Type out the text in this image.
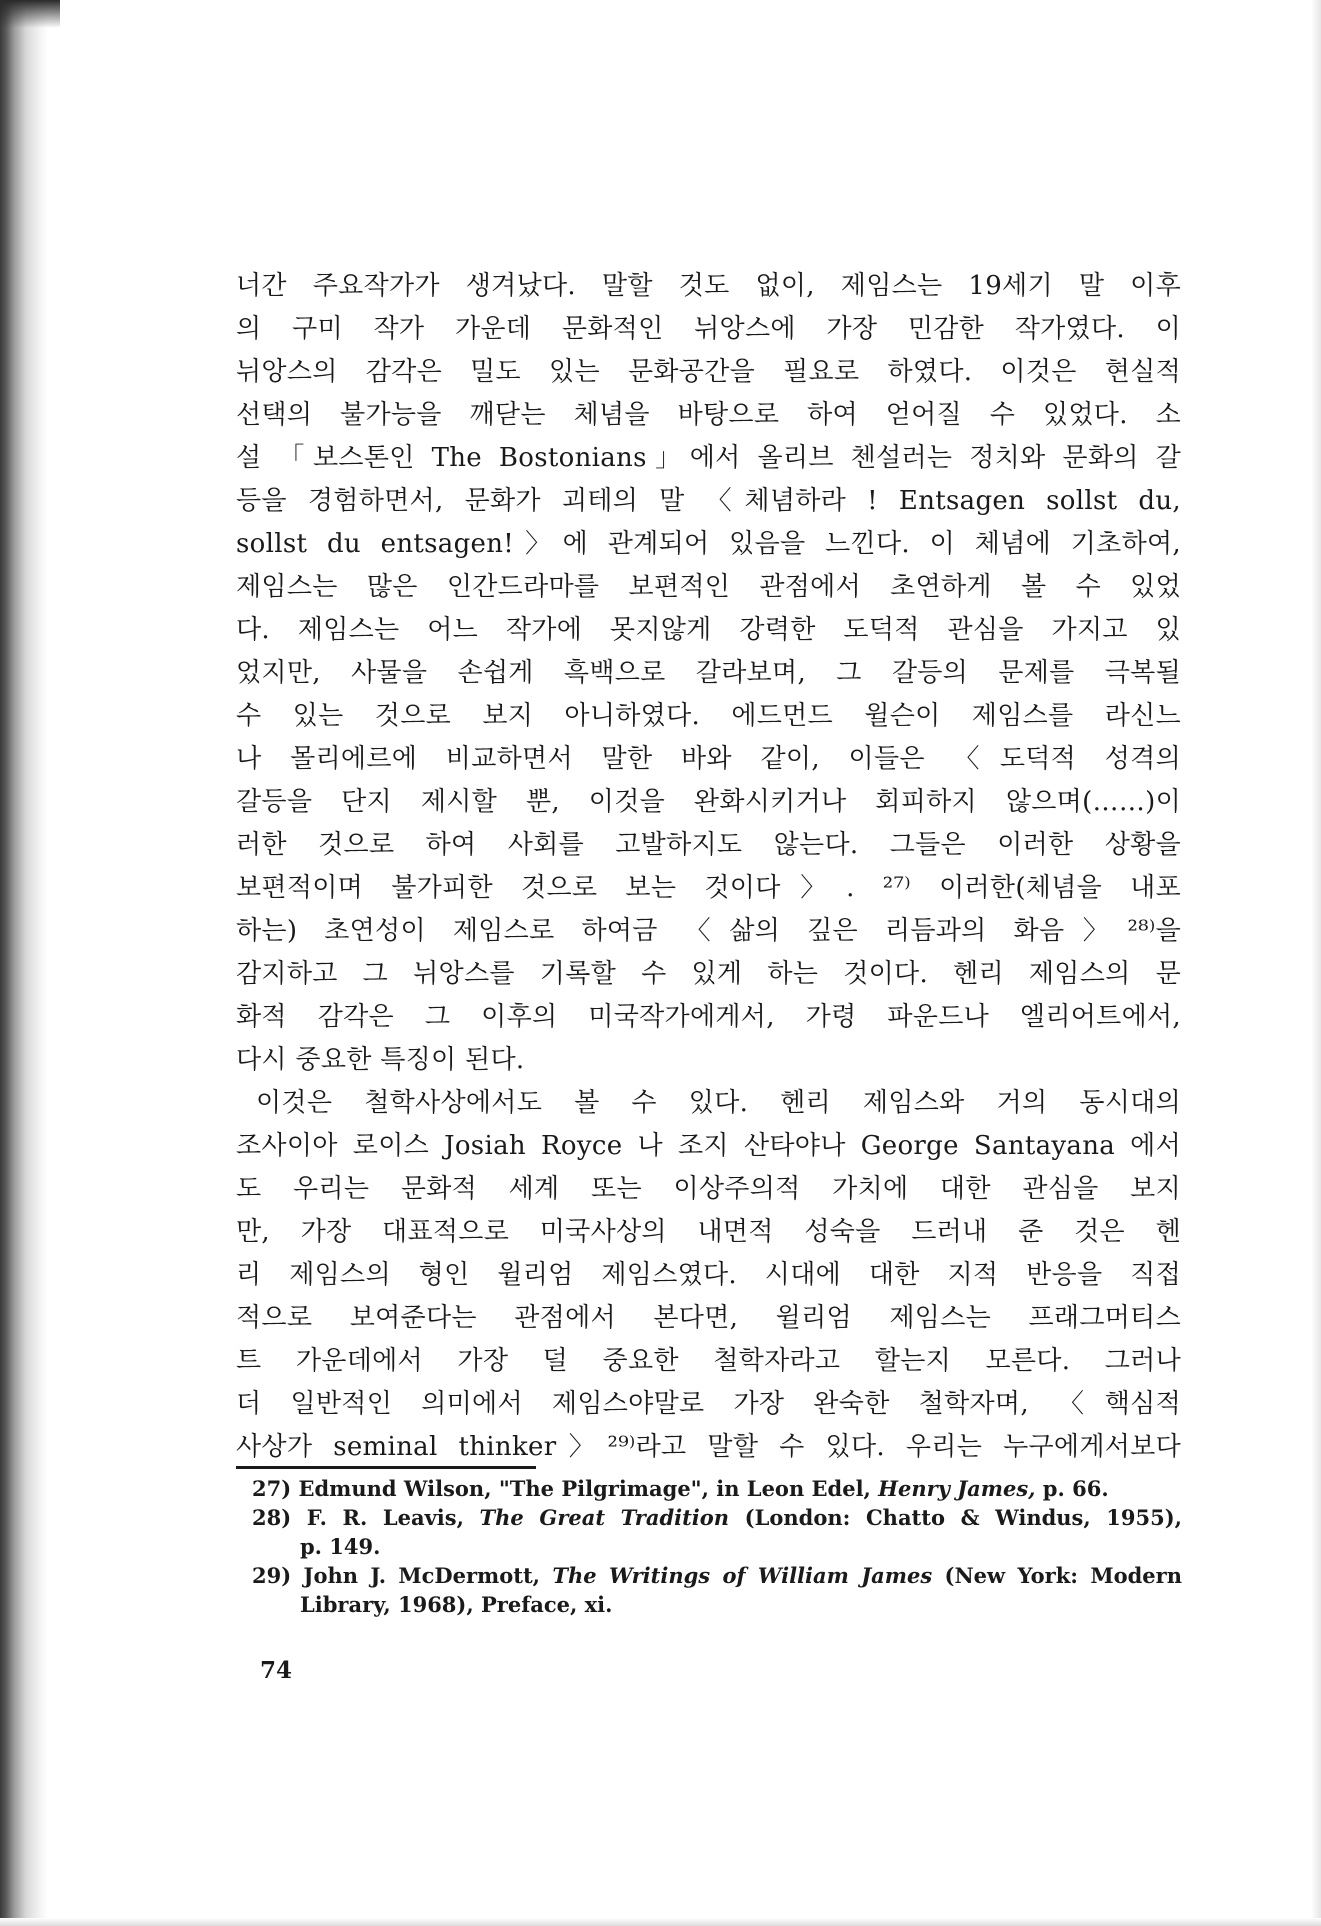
너간 주요작가가 생겨났다. 말할 것도 없이, 제임스는 19세기 말 이후
의 구미 작가 가운데 문화적인 뉘앙스에 가장 민감한 작가였다. 이
뉘앙스의 감각은 밀도 있는 문화공간을 필요로 하였다. 이것은 현실적
선택의 불가능을 깨닫는 체념을 바탕으로 하여 얻어질 수 있었다. 소
설 「보스톤인 The Bostonians」에서 올리브 첸설러는 정치와 문화의 갈
등을 경험하면서, 문화가 괴테의 말 〈체념하라 ! Entsagen sollst du,
sollst du entsagen!〉에 관계되어 있음을 느낀다. 이 체념에 기초하여,
제임스는 많은 인간드라마를 보편적인 관점에서 초연하게 볼 수 있었
다. 제임스는 어느 작가에 못지않게 강력한 도덕적 관심을 가지고 있
었지만, 사물을 손쉽게 흑백으로 갈라보며, 그 갈등의 문제를 극복될
수 있는 것으로 보지 아니하였다. 에드먼드 윌슨이 제임스를 라신느
나 몰리에르에 비교하면서 말한 바와 같이, 이들은 〈도덕적 성격의
갈등을 단지 제시할 뿐, 이것을 완화시키거나 회피하지 않으며(……)이
러한 것으로 하여 사회를 고발하지도 않는다. 그들은 이러한 상황을
보편적이며 불가피한 것으로 보는 것이다〉. ²⁷⁾ 이러한(체념을 내포
하는) 초연성이 제임스로 하여금 〈삶의 깊은 리듬과의 화음〉²⁸⁾을
감지하고 그 뉘앙스를 기록할 수 있게 하는 것이다. 헨리 제임스의 문
화적 감각은 그 이후의 미국작가에게서, 가령 파운드나 엘리어트에서,
다시 중요한 특징이 된다.
이것은 철학사상에서도 볼 수 있다. 헨리 제임스와 거의 동시대의
조사이아 로이스 Josiah Royce 나 조지 산타야나 George Santayana 에서
도 우리는 문화적 세계 또는 이상주의적 가치에 대한 관심을 보지
만, 가장 대표적으로 미국사상의 내면적 성숙을 드러내 준 것은 헨
리 제임스의 형인 윌리엄 제임스였다. 시대에 대한 지적 반응을 직접
적으로 보여준다는 관점에서 본다면, 윌리엄 제임스는 프래그머티스
트 가운데에서 가장 덜 중요한 철학자라고 할는지 모른다. 그러나
더 일반적인 의미에서 제임스야말로 가장 완숙한 철학자며, 〈핵심적
사상가 seminal thinker〉²⁹⁾라고 말할 수 있다. 우리는 누구에게서보다
27) Edmund Wilson, "The Pilgrimage", in Leon Edel, Henry James, p. 66.
28) F. R. Leavis, The Great Tradition (London: Chatto & Windus, 1955),
p. 149.
29) John J. McDermott, The Writings of William James (New York: Modern
Library, 1968), Preface, xi.
74
